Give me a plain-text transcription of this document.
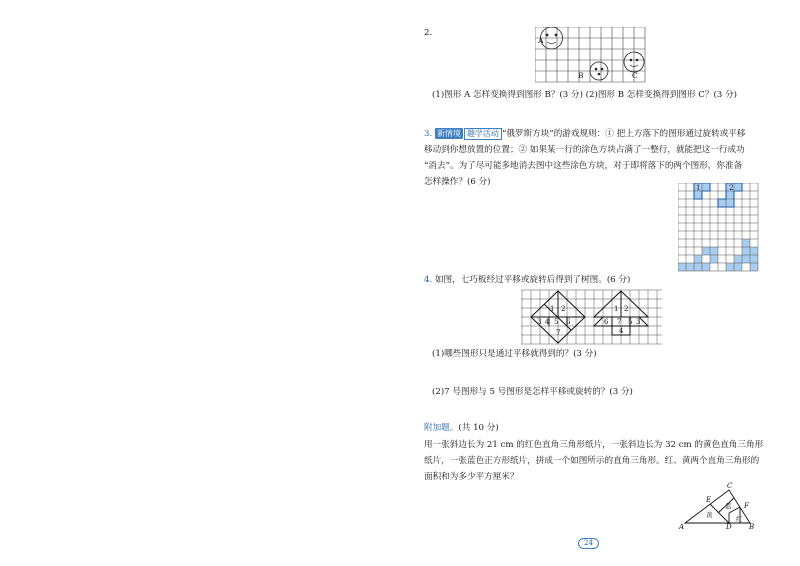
2.
A
B	C
(1)图形 A 怎样变换得到图形 B？(3 分) (2)图形 B 怎样变换得到图形 C？(3 分)
3. 新情境 趣学活动 “俄罗斯方块”的游戏规则：① 把上方落下的图形通过旋转或平移
移动到你想放置的位置；② 如果某一行的涂色方块占满了一整行，就能把这一行成功
“消去”。为了尽可能多地消去图中这些涂色方块，对于即将落下的两个图形，你准备
怎样操作？(6 分)
1	2
4. 如图，七巧板经过平移或旋转后得到了树图。(6 分)
1 2
3 4 5 6
7
1 2
6 7 5 3
4
(1)哪些图形只是通过平移就得到的？(3 分)
(2)7 号图形与 5 号图形是怎样平移或旋转的？(3 分)
附加题。(共 10 分)
用一张斜边长为 21 cm 的红色直角三角形纸片，一张斜边长为 32 cm 的黄色直角三角形
纸片，一张蓝色正方形纸片，拼成一个如图所示的直角三角形。红、黄两个直角三角形的
面积和为多少平方厘米？
A	B
C
D
E
F
黄
蓝
红
24
